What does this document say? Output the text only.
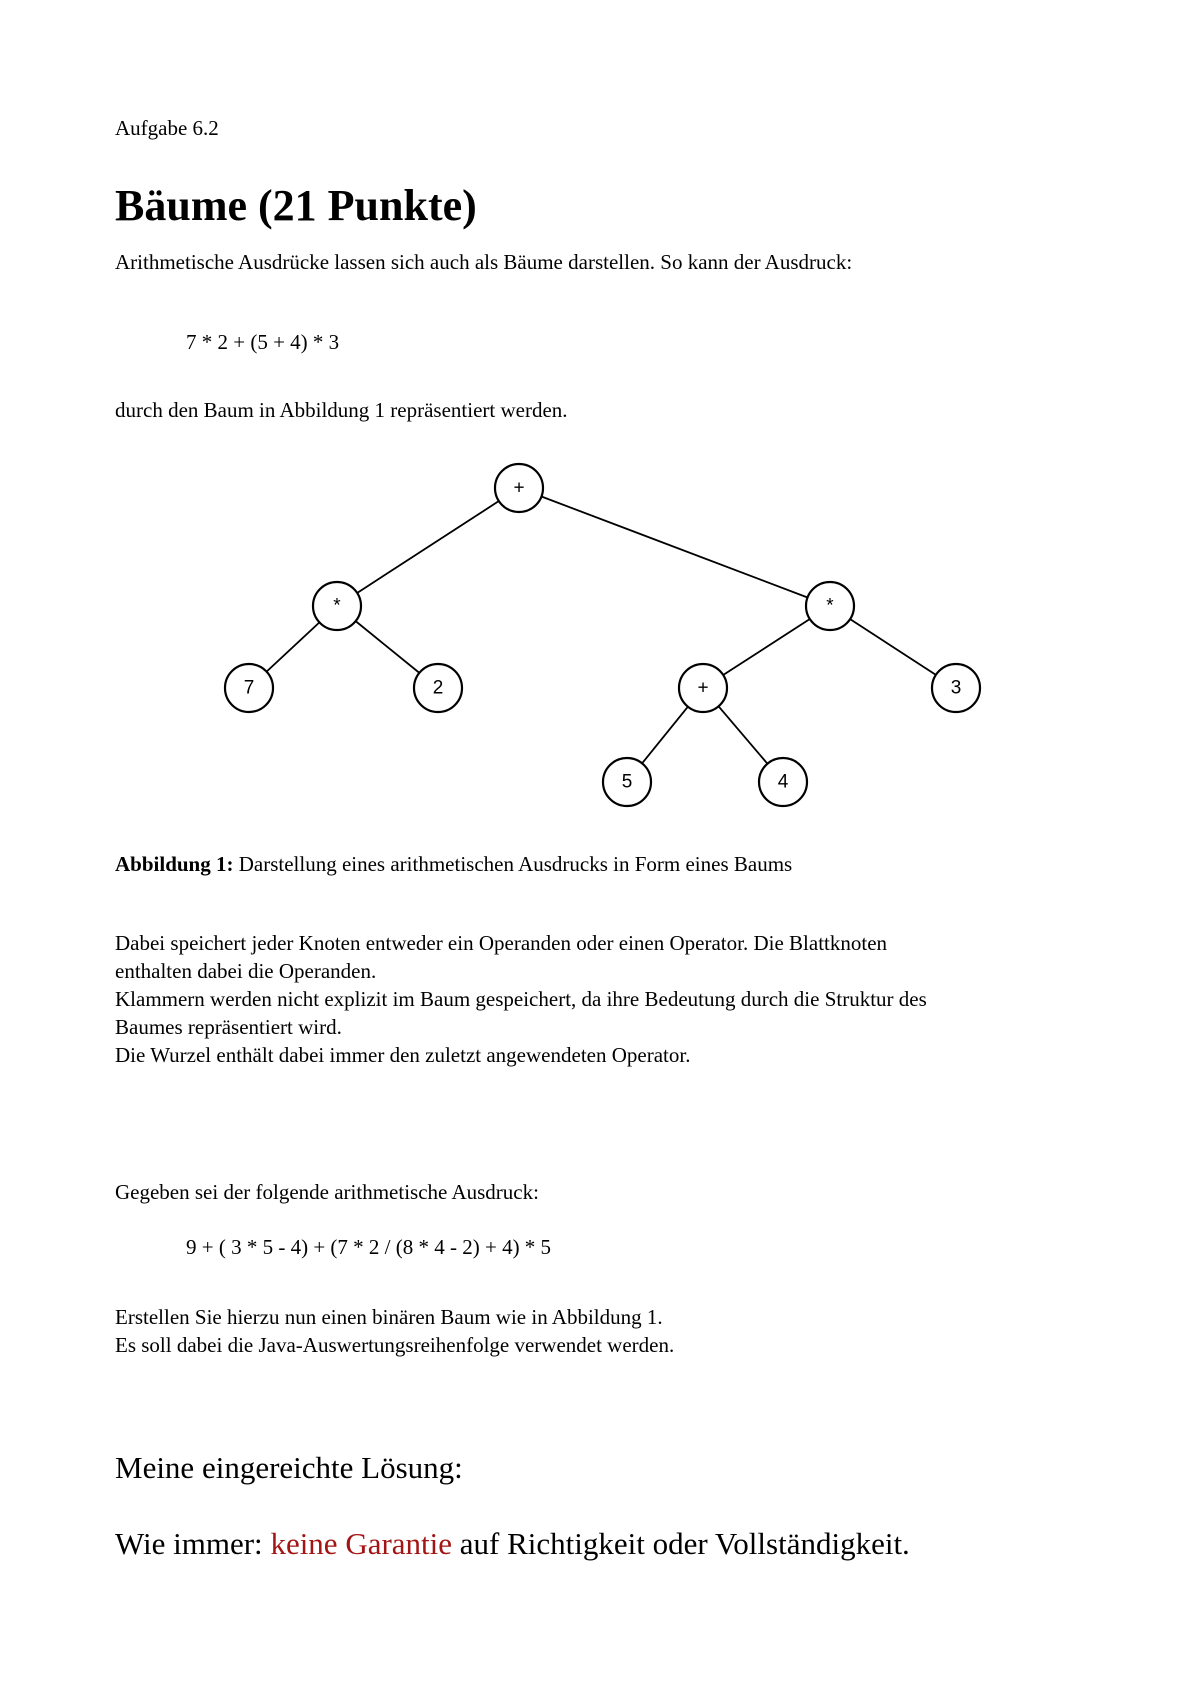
Aufgabe 6.2
Bäume (21 Punkte)
Arithmetische Ausdrücke lassen sich auch als Bäume darstellen. So kann der Ausdruck:
7 * 2 + (5 + 4) * 3
durch den Baum in Abbildung 1 repräsentiert werden.
+
*	*
7	2	+	3
5	4
Abbildung 1: Darstellung eines arithmetischen Ausdrucks in Form eines Baums
Dabei speichert jeder Knoten entweder ein Operanden oder einen Operator. Die Blattknoten
enthalten dabei die Operanden.
Klammern werden nicht explizit im Baum gespeichert, da ihre Bedeutung durch die Struktur des
Baumes repräsentiert wird.
Die Wurzel enthält dabei immer den zuletzt angewendeten Operator.
Gegeben sei der folgende arithmetische Ausdruck:
9 + ( 3 * 5 - 4) + (7 * 2 / (8 * 4 - 2) + 4) * 5
Erstellen Sie hierzu nun einen binären Baum wie in Abbildung 1.
Es soll dabei die Java-Auswertungsreihenfolge verwendet werden.
Meine eingereichte Lösung:
Wie immer: keine Garantie auf Richtigkeit oder Vollständigkeit.
